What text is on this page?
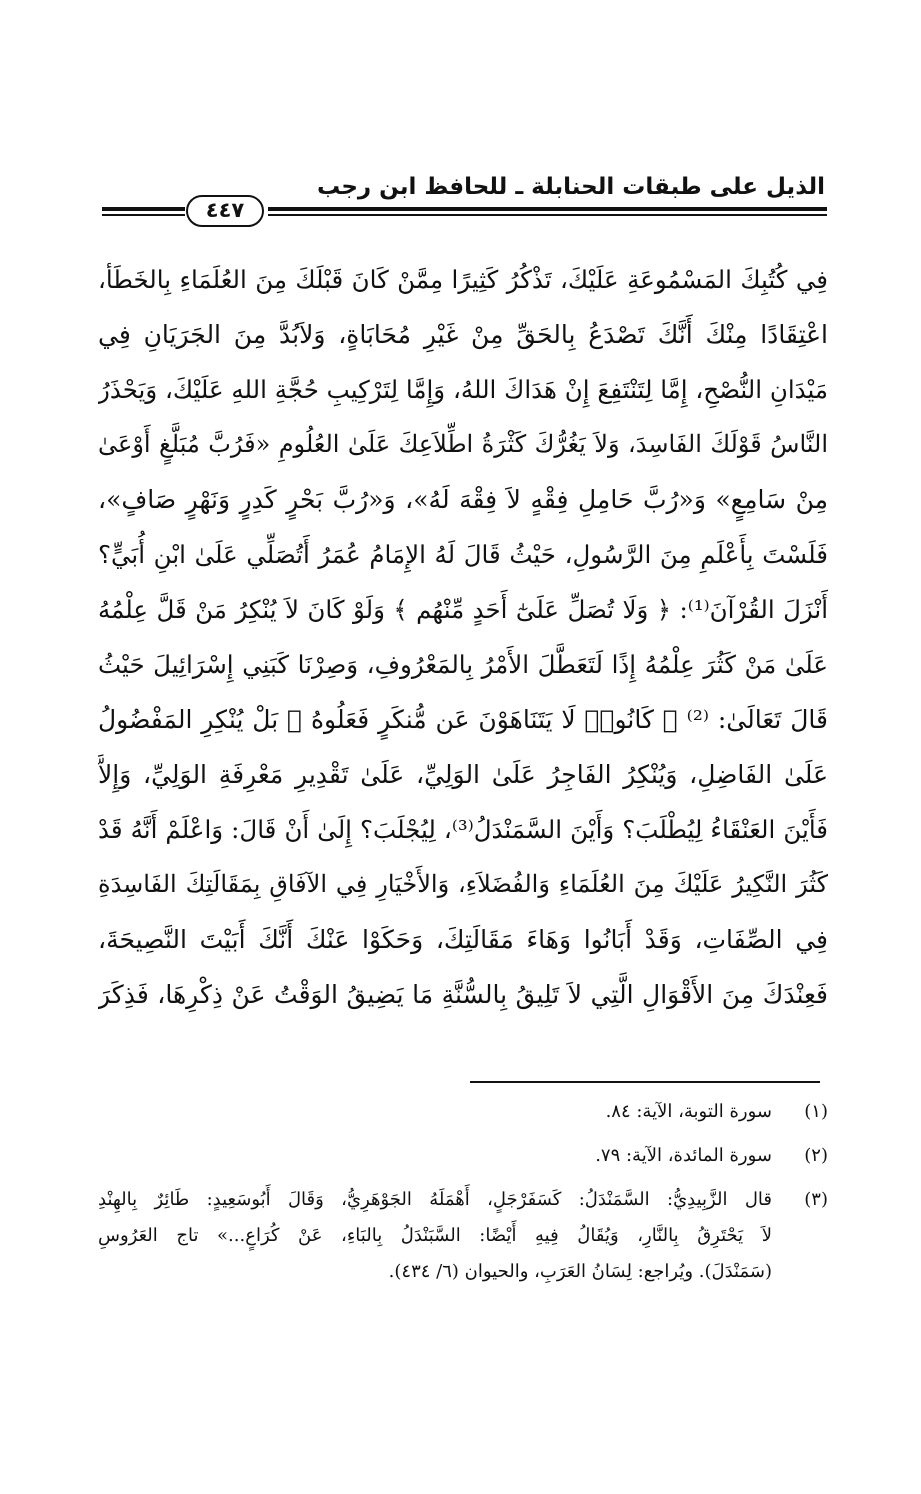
الذيل على طبقات الحنابلة ـ للحافظ ابن رجب
٤٤٧
فِي كُتُبِكَ المَسْمُوعَةِ عَلَيْكَ، تَذْكُرُ كَثِيرًا مِمَّنْ كَانَ قَبْلَكَ مِنَ العُلَمَاءِ بِالخَطَأ،
اعْتِقَادًا مِنْكَ أَنَّكَ تَصْدَعُ بِالحَقِّ مِنْ غَيْرِ مُحَابَاةٍ، وَلاَبُدَّ مِنَ الجَرَيَانِ فِي
مَيْدَانِ النُّصْحِ، إِمَّا لِتَنْتَفِعَ إِنْ هَدَاكَ اللهُ، وَإِمَّا لِتَرْكِيبِ حُجَّةِ اللهِ عَلَيْكَ، وَيَحْذَرُ
النَّاسُ قَوْلَكَ الفَاسِدَ، وَلاَ يَغُرُّكَ كَثْرَةُ اطِّلاَعِكَ عَلَىٰ العُلُومِ «فَرُبَّ مُبَلَّغٍ أَوْعَىٰ
مِنْ سَامِعٍ» وَ«رُبَّ حَامِلِ فِقْهٍ لاَ فِقْهَ لَهُ»، وَ«رُبَّ بَحْرٍ كَدِرٍ وَنَهْرٍ صَافٍ»،
فَلَسْتَ بِأَعْلَمِ مِنَ الرَّسُولِ، حَيْثُ قَالَ لَهُ الإِمَامُ عُمَرُ أَتُصَلِّي عَلَىٰ ابْنِ أُبَيٍّ؟
أَنْزَلَ القُرْآنَ⁽¹⁾: ﴿ وَلَا تُصَلِّ عَلَىٰٓ أَحَدٍ مِّنْهُم ﴾ وَلَوْ كَانَ لاَ يُنْكِرُ مَنْ قَلَّ عِلْمُهُ
عَلَىٰ مَنْ كَثُرَ عِلْمُهُ إِذًا لَتَعَطَّلَ الأَمْرُ بِالمَعْرُوفِ، وَصِرْنَا كَبَنِي إِسْرَائِيلَ حَيْثُ
قَالَ تَعَالَىٰ: ⁽²⁾ ﴿ كَانُوا۟ لَا يَتَنَاهَوْنَ عَن مُّنكَرٍ فَعَلُوهُ ﴾ بَلْ يُنْكِرِ المَفْضُولُ
عَلَىٰ الفَاضِلِ، وَيُنْكِرُ الفَاجِرُ عَلَىٰ الوَلِيِّ، عَلَىٰ تَقْدِيرِ مَعْرِفَةِ الوَلِيِّ، وَإِلاَّ
فَأَيْنَ العَنْقَاءُ لِيُطْلَبَ؟ وَأَيْنَ السَّمَنْدَلُ⁽³⁾، لِيُجْلَبَ؟ إِلَىٰ أَنْ قَالَ: وَاعْلَمْ أَنَّهُ قَدْ
كَثُرَ النَّكِيرُ عَلَيْكَ مِنَ العُلَمَاءِ وَالفُضَلاَءِ، وَالأَخْيَارِ فِي الآفَاقِ بِمَقَالَتِكَ الفَاسِدَةِ
فِي الصِّفَاتِ، وَقَدْ أَبَانُوا وَهَاءَ مَقَالَتِكَ، وَحَكَوْا عَنْكَ أَنَّكَ أَبَيْتَ النَّصِيحَةَ،
فَعِنْدَكَ مِنَ الأَقْوَالِ الَّتِي لاَ تَلِيقُ بِالسُّنَّةِ مَا يَضِيقُ الوَقْتُ عَنْ ذِكْرِهَا، فَذِكَرَ
(١)
سورة التوبة، الآية: ٨٤.
(٢)
سورة المائدة، الآية: ٧٩.
(٣)
قال الزَّبِيدِيُّ: السَّمَنْدَلُ: كَسَفَرْجَلٍ، أَهْمَلَهُ الجَوْهَرِيُّ، وَقَالَ أَبُوسَعِيدٍ: طَائِرٌ بِالهِنْدِ
لاَ يَحْتَرِقُ بِالنَّارِ، وَيُقَالُ فِيهِ أَيْضًا: السَّبَنْدَلُ بِالبَاءِ، عَنْ كُرَاعٍ...» تاج العَرُوسِ
(سَمَنْدَلَ). ويُراجع: لِسَانُ العَرَبِ، والحيوان (٦/ ٤٣٤).
